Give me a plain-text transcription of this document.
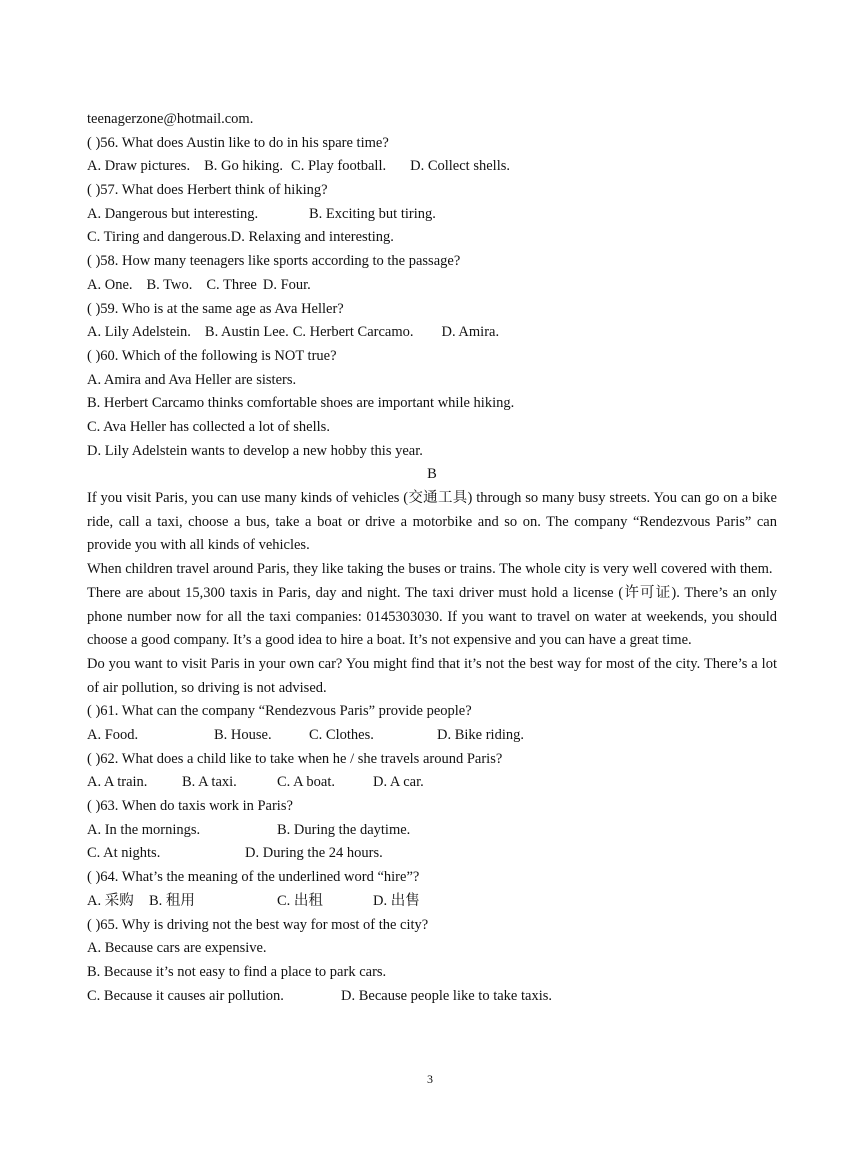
teenagerzone@hotmail.com.
( )56. What does Austin like to do in his spare time?
A. Draw pictures. B. Go hiking. C. Play football. D. Collect shells.
( )57. What does Herbert think of hiking?
A. Dangerous but interesting.	B. Exciting but tiring.
C. Tiring and dangerous.D. Relaxing and interesting.
( )58. How many teenagers like sports according to the passage?
A. One. B. Two. C. Three D. Four.
( )59. Who is at the same age as Ava Heller?
A. Lily Adelstein. B. Austin Lee. C. Herbert Carcamo. D. Amira.
( )60. Which of the following is NOT true?
A. Amira and Ava Heller are sisters.
B. Herbert Carcamo thinks comfortable shoes are important while hiking.
C. Ava Heller has collected a lot of shells.
D. Lily Adelstein wants to develop a new hobby this year.
B
If you visit Paris, you can use many kinds of vehicles (交通工具) through so many busy streets. You can go on a bike ride, call a taxi, choose a bus, take a boat or drive a motorbike and so on. The company “Rendezvous Paris” can provide you with all kinds of vehicles.
When children travel around Paris, they like taking the buses or trains. The whole city is very well covered with them.
There are about 15,300 taxis in Paris, day and night. The taxi driver must hold a license (许可证). There’s an only phone number now for all the taxi companies: 0145303030. If you want to travel on water at weekends, you should choose a good company. It’s a good idea to hire a boat. It’s not expensive and you can have a great time.
Do you want to visit Paris in your own car? You might find that it’s not the best way for most of the city. There’s a lot of air pollution, so driving is not advised.
( )61. What can the company “Rendezvous Paris” provide people?
A. Food.	B. House.	C. Clothes.	D. Bike riding.
( )62. What does a child like to take when he / she travels around Paris?
A. A train. B. A taxi.	C. A boat.	D. A car.
( )63. When do taxis work in Paris?
A. In the mornings.	B. During the daytime.
C. At nights.	D. During the 24 hours.
( )64. What’s the meaning of the underlined word “hire”?
A. 采购 B. 租用	C. 出租	D. 出售
( )65. Why is driving not the best way for most of the city?
A. Because cars are expensive.
B. Because it’s not easy to find a place to park cars.
C. Because it causes air pollution.	D. Because people like to take taxis.
3
